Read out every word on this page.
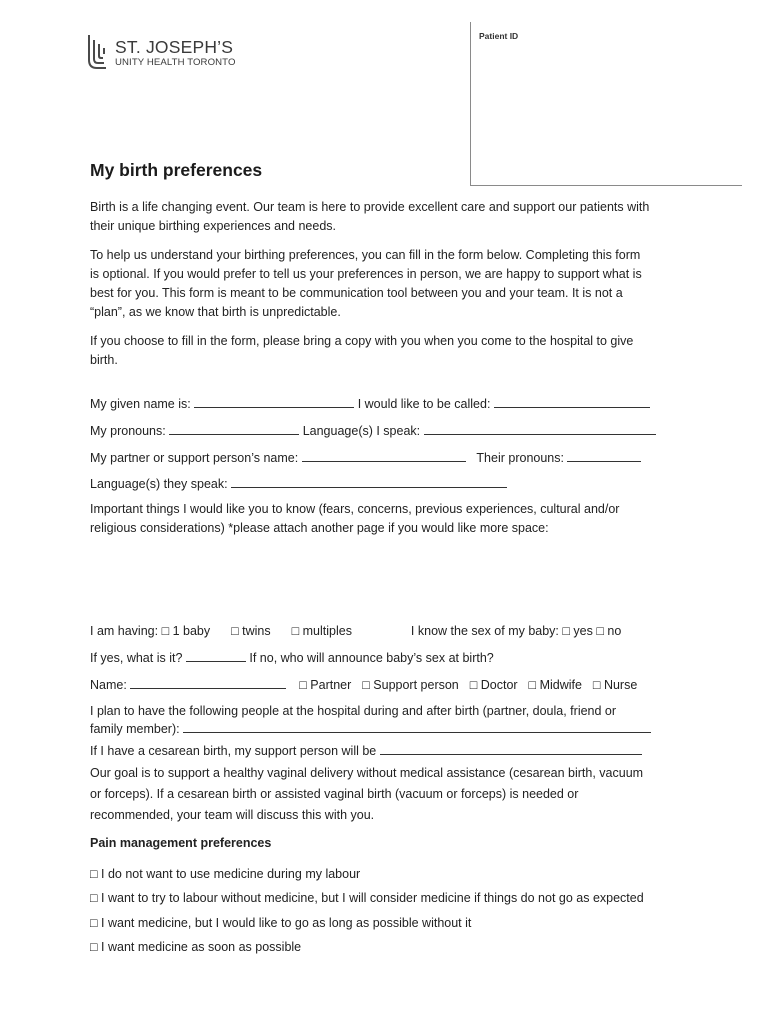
ST. JOSEPH’S
UNITY HEALTH TORONTO
Patient ID
My birth preferences
Birth is a life changing event. Our team is here to provide excellent care and support our patients with
their unique birthing experiences and needs.
To help us understand your birthing preferences, you can fill in the form below. Completing this form
is optional. If you would prefer to tell us your preferences in person, we are happy to support what is
best for you. This form is meant to be communication tool between you and your team. It is not a
“plan”, as we know that birth is unpredictable.
If you choose to fill in the form, please bring a copy with you when you come to the hospital to give
birth.
My given name is:	I would like to be called:
My pronouns:	Language(s) I speak:
My partner or support person’s name:	Their pronouns:
Language(s) they speak:
Important things I would like you to know (fears, concerns, previous experiences, cultural and/or
religious considerations) *please attach another page if you would like more space:
I am having: □ 1 baby □ twins □ multiples	I know the sex of my baby: □ yes □ no
If yes, what is it?	If no, who will announce baby’s sex at birth?
Name:	□ Partner □ Support person □ Doctor □ Midwife □ Nurse
I plan to have the following people at the hospital during and after birth (partner, doula, friend or
family member):
If I have a cesarean birth, my support person will be
Our goal is to support a healthy vaginal delivery without medical assistance (cesarean birth, vacuum
or forceps). If a cesarean birth or assisted vaginal birth (vacuum or forceps) is needed or
recommended, your team will discuss this with you.
Pain management preferences
□ I do not want to use medicine during my labour
□ I want to try to labour without medicine, but I will consider medicine if things do not go as expected
□ I want medicine, but I would like to go as long as possible without it
□ I want medicine as soon as possible
